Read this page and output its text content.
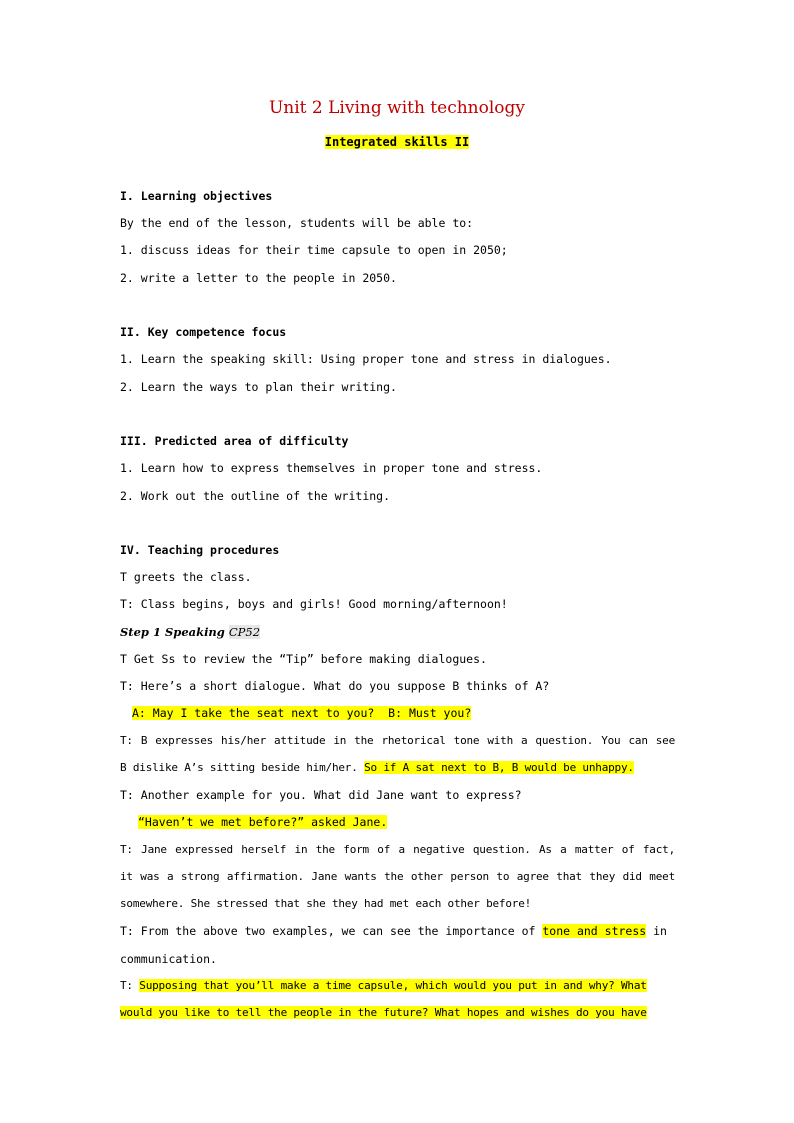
Unit 2 Living with technology
Integrated skills II
I. Learning objectives
By the end of the lesson, students will be able to:
1. discuss ideas for their time capsule to open in 2050;
2. write a letter to the people in 2050.
II. Key competence focus
1. Learn the speaking skill: Using proper tone and stress in dialogues.
2. Learn the ways to plan their writing.
III. Predicted area of difficulty
1. Learn how to express themselves in proper tone and stress.
2. Work out the outline of the writing.
IV. Teaching procedures
T greets the class.
T: Class begins, boys and girls! Good morning/afternoon!
Step 1 Speaking CP52
T Get Ss to review the “Tip” before making dialogues.
T: Here’s a short dialogue. What do you suppose B thinks of A?
A: May I take the seat next to you?  B: Must you?
T: B expresses his/her attitude in the rhetorical tone with a question. You can see
B dislike A’s sitting beside him/her. So if A sat next to B, B would be unhappy.
T: Another example for you. What did Jane want to express?
“Haven’t we met before?” asked Jane.
T: Jane expressed herself in the form of a negative question. As a matter of fact,
it was a strong affirmation. Jane wants the other person to agree that they did meet
somewhere. She stressed that she they had met each other before!
T: From the above two examples, we can see the importance of tone and stress in
communication.
T: Supposing that you’ll make a time capsule, which would you put in and why? What
would you like to tell the people in the future? What hopes and wishes do you have
